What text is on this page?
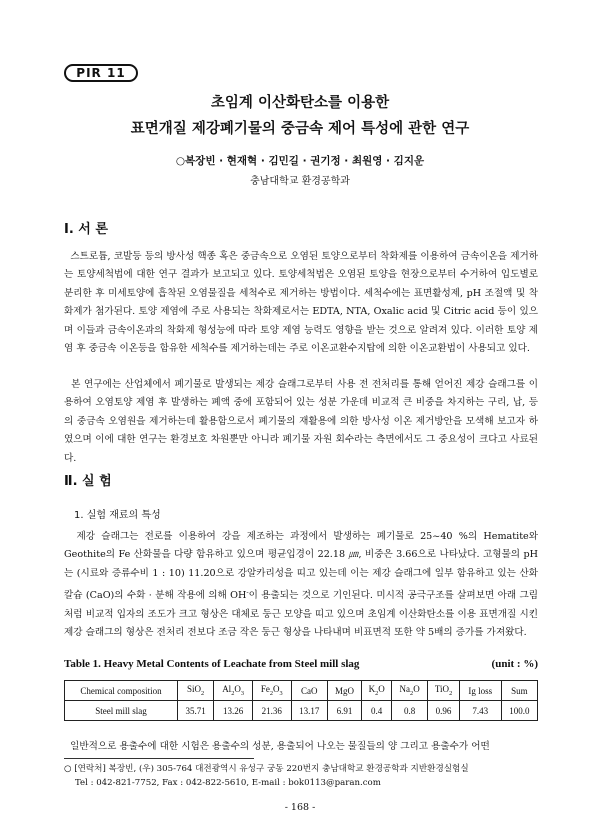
PIR 11
초임계 이산화탄소를 이용한
표면개질 제강폐기물의 중금속 제어 특성에 관한 연구
○복장빈 · 현재혁 · 김민길 · 권기정 · 최원영 · 김지운
충남대학교 환경공학과
Ⅰ. 서 론

스트로튬, 코발등 등의 방사성 핵종 혹은 중금속으로 오염된 토양으로부터 착화제를 이용하여 금속이온을 제거하는 토양세척법에 대한 연구 결과가 보고되고 있다. 토양세척법은 오염된 토양을 현장으로부터 수거하여 입도별로 분리한 후 미세토양에 흡착된 오염물질을 세척수로 제거하는 방법이다. 세척수에는 표면활성제, pH 조절액 및 착화제가 첨가된다. 토양 제염에 주로 사용되는 착화제로서는 EDTA, NTA, Oxalic acid 및 Citric acid 등이 있으며 이들과 금속이온과의 착화제 형성능에 따라 토양 제염 능력도 영향을 받는 것으로 알려져 있다. 이러한 토양 제염 후 중금속 이온등을 함유한 세척수를 제거하는데는 주로 이온교환수지탑에 의한 이온교환법이 사용되고 있다.

본 연구에는 산업체에서 폐기물로 발생되는 제강 슬래그로부터 사용 전 전처리를 통해 얻어진 제강 슬래그를 이용하여 오염토양 제염 후 발생하는 폐액 중에 포함되어 있는 성분 가운데 비교적 큰 비중을 차지하는 구리, 납, 등의 중금속 오염원을 제거하는데 활용함으로서 폐기물의 재활용에 의한 방사성 이온 제거방안을 모색해 보고자 하였으며 이에 대한 연구는 환경보호 차원뿐만 아니라 폐기물 자원 회수라는 측면에서도 그 중요성이 크다고 사료된다.

Ⅱ. 실 험
1. 실험 재료의 특성

제강 슬래그는 전로를 이용하여 강을 제조하는 과정에서 발생하는 폐기물로 25~40 %의 Hematite와 Geothite의 Fe 산화물을 다량 함유하고 있으며 평균입경이 22.18 ㎛, 비중은 3.66으로 나타났다. 고형물의 pH는 (시료와 증류수비 1 : 10) 11.20으로 강알카리성을 띠고 있는데 이는 제강 슬래그에 일부 함유하고 있는 산화칼슘 (CaO)의 수화 · 분해 작용에 의해 OH-이 용출되는 것으로 기인된다. 미시적 공극구조를 살펴보면 아래 그림처럼 비교적 입자의 조도가 크고 형상은 대체로 둥근 모양을 띠고 있으며 초임계 이산화탄소를 이용 표면개질 시킨 제강 슬래그의 형상은 전처리 전보다 조금 작은 둥근 형상을 나타내며 비표면적 또한 약 5배의 증가를 가져왔다.

Table 1. Heavy Metal Contents of Leachate from Steel mill slag	(unit : %)
Chemical composition	SiO$_2$	$Al_2O_3$	$Fe_2O_3$	CaO	MgO	$K_2O$	$Na_2O$	TiO$_2$	Ig loss	Sum
Steel mill slag	35.71	13.26	21.36	13.17	6.91	0.4	0.8	0.96	7.43	100.0

일반적으로 용출수에 대한 시험은 용출수의 성분, 용출되어 나오는 물질들의 양 그리고 용출수가 어떤

○ [연락처] 복장빈, (우) 305-764 대전광역시 유성구 궁동 220번지 충남대학교 환경공학과 지반환경실험실
Tel : 042-821-7752, Fax : 042-822-5610, E-mail : bok0113@paran.com

- 168 -
